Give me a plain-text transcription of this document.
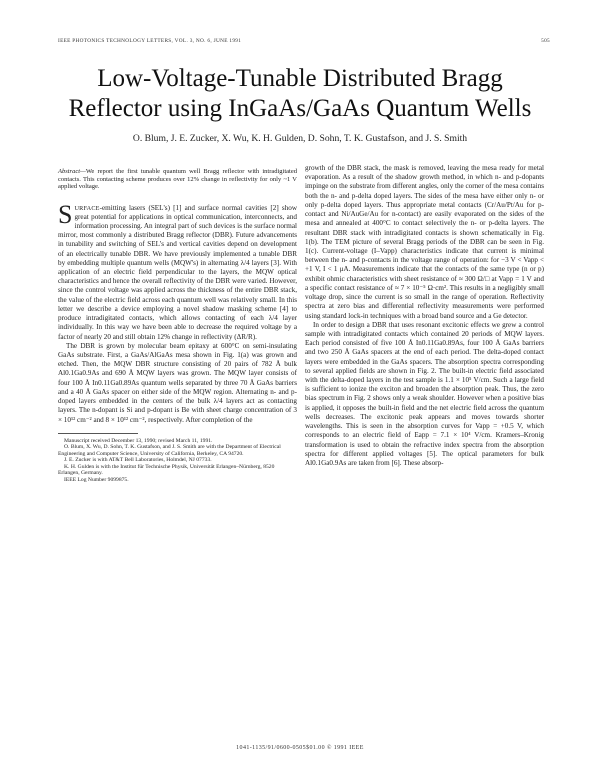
IEEE PHOTONICS TECHNOLOGY LETTERS, VOL. 3, NO. 6, JUNE 1991	505
Low-Voltage-Tunable Distributed Bragg
Reflector using InGaAs/GaAs Quantum Wells
O. Blum, J. E. Zucker, X. Wu, K. H. Gulden, D. Sohn, T. K. Gustafson, and J. S. Smith
Abstract—We report the first tunable quantum well Bragg reflector with intradigitated contacts. This contacting scheme produces over 12% change in reflectivity for only ~1 V applied voltage.

SURFACE-emitting lasers (SEL's) [1] and surface normal cavities [2] show great potential for applications in optical communication, interconnects, and information processing. An integral part of such devices is the surface normal mirror, most commonly a distributed Bragg reflector (DBR). Future advancements in tunability and switching of SEL's and vertical cavities depend on development of an electrically tunable DBR. We have previously implemented a tunable DBR by embedding multiple quantum wells (MQW's) in alternating λ/4 layers [3]. With application of an electric field perpendicular to the layers, the MQW optical characteristics and hence the overall reflectivity of the DBR were varied. However, since the control voltage was applied across the thickness of the entire DBR stack, the value of the electric field across each quantum well was relatively small. In this letter we describe a device employing a novel shadow masking scheme [4] to produce intradigitated contacts, which allows contacting of each λ/4 layer individually. In this way we have been able to decrease the required voltage by a factor of nearly 20 and still obtain 12% change in reflectivity (ΔR/R).

The DBR is grown by molecular beam epitaxy at 600°C on semi-insulating GaAs substrate. First, a GaAs/AlGaAs mesa shown in Fig. 1(a) was grown and etched. Then, the MQW DBR structure consisting of 20 pairs of 782 Å bulk Al0.1Ga0.9As and 690 Å MQW layers was grown. The MQW layer consists of four 100 Å In0.11Ga0.89As quantum wells separated by three 70 Å GaAs barriers and a 40 Å GaAs spacer on either side of the MQW region. Alternating n- and p-doped layers embedded in the centers of the bulk λ/4 layers act as contacting layers. The n-dopant is Si and p-dopant is Be with sheet charge concentration of 3 × 10¹² cm⁻² and 8 × 10¹² cm⁻², respectively. After completion of the

Manuscript received December 13, 1990; revised March 11, 1991.
O. Blum, X. Wu, D. Sohn, T. K. Gustafson, and J. S. Smith are with the Department of Electrical Engineering and Computer Science, University of California, Berkeley, CA 94720.
J. E. Zucker is with AT&T Bell Laboratories, Holmdel, NJ 07733.
K. H. Gulden is with the Institut für Technische Physik, Universität Erlangen–Nürnberg, 8520 Erlangen, Germany.
IEEE Log Number 9099875.

growth of the DBR stack, the mask is removed, leaving the mesa ready for metal evaporation. As a result of the shadow growth method, in which n- and p-dopants impinge on the substrate from different angles, only the corner of the mesa contains both the n- and p-delta doped layers. The sides of the mesa have either only n- or only p-delta doped layers. Thus appropriate metal contacts (Cr/Au/Pt/Au for p-contact and Ni/AuGe/Au for n-contact) are easily evaporated on the sides of the mesa and annealed at 400°C to contact selectively the n- or p-delta layers. The resultant DBR stack with intradigitated contacts is shown schematically in Fig. 1(b). The TEM picture of several Bragg periods of the DBR can be seen in Fig. 1(c). Current-voltage (I–Vapp) characteristics indicate that current is minimal between the n- and p-contacts in the voltage range of operation: for −3 V < Vapp < +1 V, I < 1 μA. Measurements indicate that the contacts of the same type (n or p) exhibit ohmic characteristics with sheet resistance of ≈ 300 Ω/□ at Vapp = 1 V and a specific contact resistance of ≈ 7 × 10⁻⁵ Ω·cm². This results in a negligibly small voltage drop, since the current is so small in the range of operation. Reflectivity spectra at zero bias and differential reflectivity measurements were performed using standard lock-in techniques with a broad band source and a Ge detector.

In order to design a DBR that uses resonant excitonic effects we grew a control sample with intradigitated contacts which contained 20 periods of MQW layers. Each period consisted of five 100 Å In0.11Ga0.89As, four 100 Å GaAs barriers and two 250 Å GaAs spacers at the end of each period. The delta-doped contact layers were embedded in the GaAs spacers. The absorption spectra corresponding to several applied fields are shown in Fig. 2. The built-in electric field associated with the delta-doped layers in the test sample is 1.1 × 10⁵ V/cm. Such a large field is sufficient to ionize the exciton and broaden the absorption peak. Thus, the zero bias spectrum in Fig. 2 shows only a weak shoulder. However when a positive bias is applied, it opposes the built-in field and the net electric field across the quantum wells decreases. The excitonic peak appears and moves towards shorter wavelengths. This is seen in the absorption curves for Vapp = +0.5 V, which corresponds to an electric field of Eapp = 7.1 × 10⁴ V/cm. Kramers–Kronig transformation is used to obtain the refractive index spectra from the absorption spectra for different applied voltages [5]. The optical parameters for bulk Al0.1Ga0.9As are taken from [6]. These absorp-

1041-1135/91/0600-0505$01.00 © 1991 IEEE
